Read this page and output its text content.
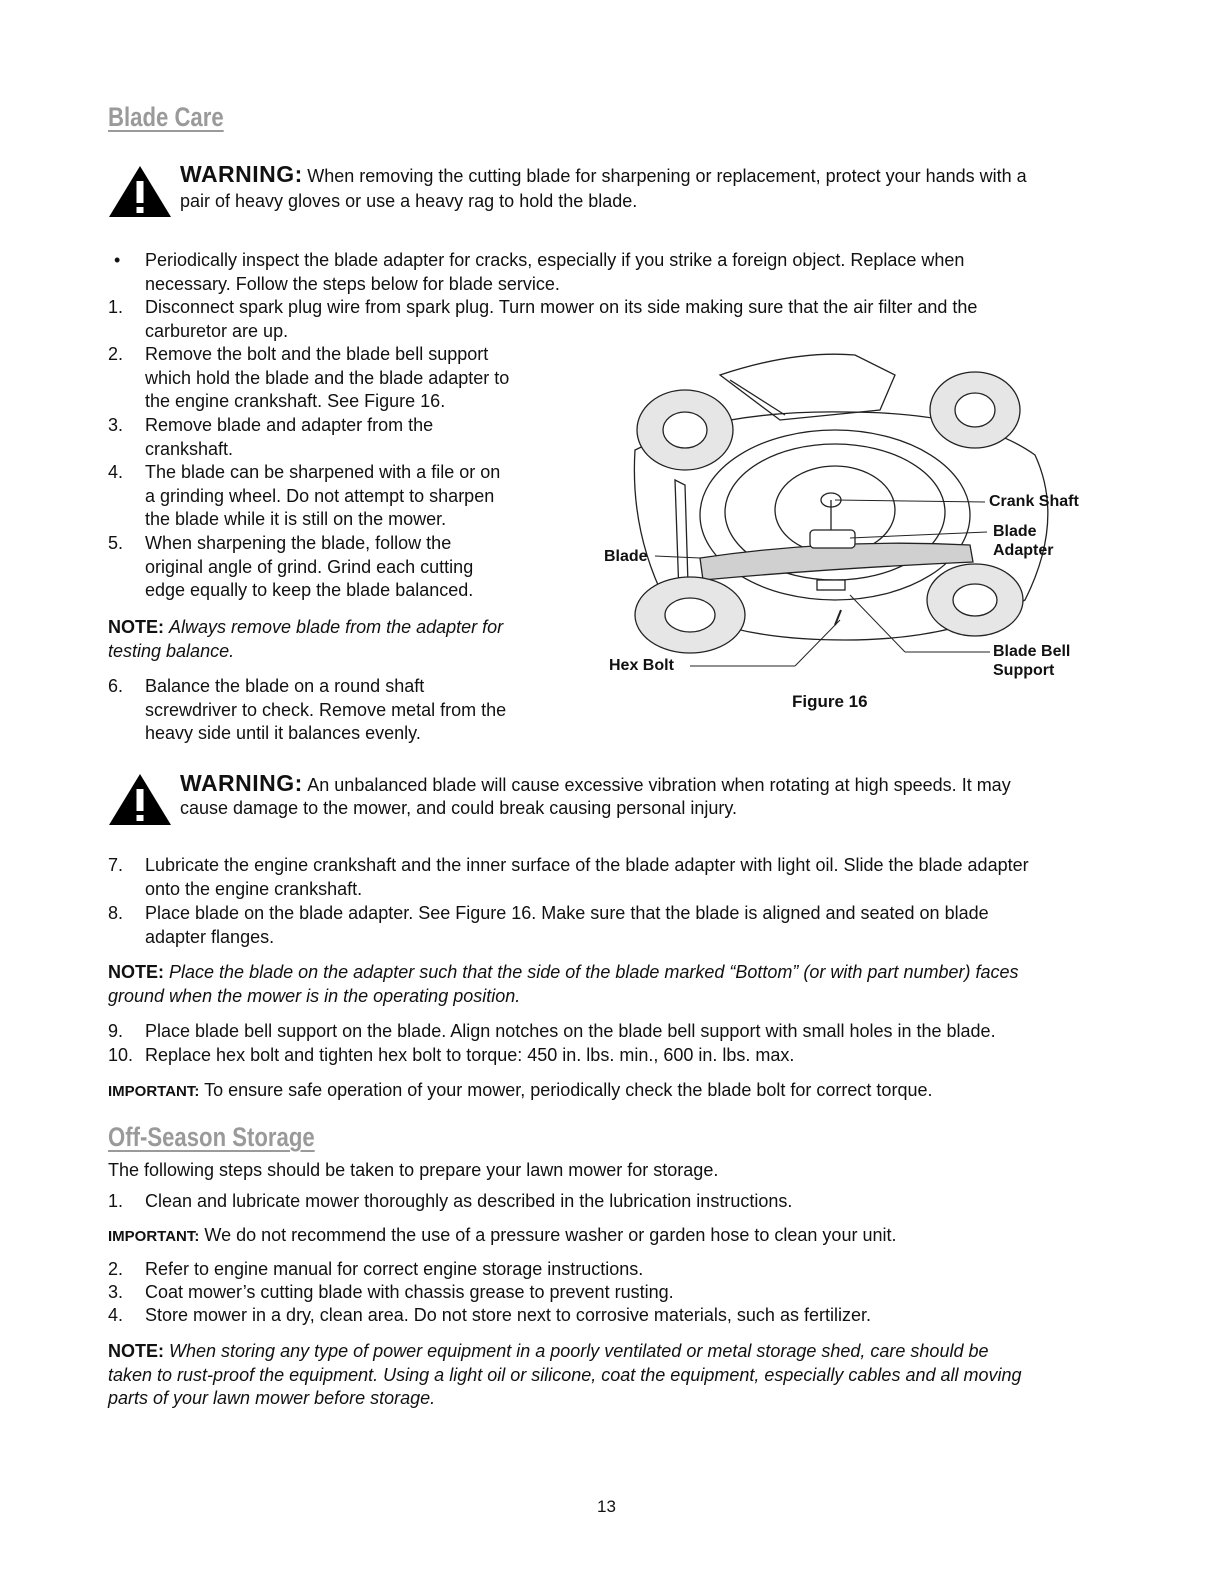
Blade Care
WARNING: When removing the cutting blade for sharpening or replacement, protect your hands with a
pair of heavy gloves or use a heavy rag to hold the blade.
• Periodically inspect the blade adapter for cracks, especially if you strike a foreign object. Replace when
necessary. Follow the steps below for blade service.
1. Disconnect spark plug wire from spark plug. Turn mower on its side making sure that the air filter and the
carburetor are up.
2. Remove the bolt and the blade bell support
which hold the blade and the blade adapter to
the engine crankshaft. See Figure 16.
3. Remove blade and adapter from the
crankshaft.
4. The blade can be sharpened with a file or on
a grinding wheel. Do not attempt to sharpen
the blade while it is still on the mower.
5. When sharpening the blade, follow the
original angle of grind. Grind each cutting
edge equally to keep the blade balanced.
NOTE: Always remove blade from the adapter for
testing balance.
6. Balance the blade on a round shaft
screwdriver to check. Remove metal from the
heavy side until it balances evenly.
Crank Shaft
Blade
Adapter
Blade
Hex Bolt
Blade Bell
Support
Figure 16
WARNING: An unbalanced blade will cause excessive vibration when rotating at high speeds. It may
cause damage to the mower, and could break causing personal injury.
7. Lubricate the engine crankshaft and the inner surface of the blade adapter with light oil. Slide the blade adapter
onto the engine crankshaft.
8. Place blade on the blade adapter. See Figure 16. Make sure that the blade is aligned and seated on blade
adapter flanges.
NOTE: Place the blade on the adapter such that the side of the blade marked “Bottom” (or with part number) faces
ground when the mower is in the operating position.
9. Place blade bell support on the blade. Align notches on the blade bell support with small holes in the blade.
10. Replace hex bolt and tighten hex bolt to torque: 450 in. lbs. min., 600 in. lbs. max.
IMPORTANT: To ensure safe operation of your mower, periodically check the blade bolt for correct torque.
Off-Season Storage
The following steps should be taken to prepare your lawn mower for storage.
1. Clean and lubricate mower thoroughly as described in the lubrication instructions.
IMPORTANT: We do not recommend the use of a pressure washer or garden hose to clean your unit.
2. Refer to engine manual for correct engine storage instructions.
3. Coat mower’s cutting blade with chassis grease to prevent rusting.
4. Store mower in a dry, clean area. Do not store next to corrosive materials, such as fertilizer.
NOTE: When storing any type of power equipment in a poorly ventilated or metal storage shed, care should be
taken to rust-proof the equipment. Using a light oil or silicone, coat the equipment, especially cables and all moving
parts of your lawn mower before storage.
13
